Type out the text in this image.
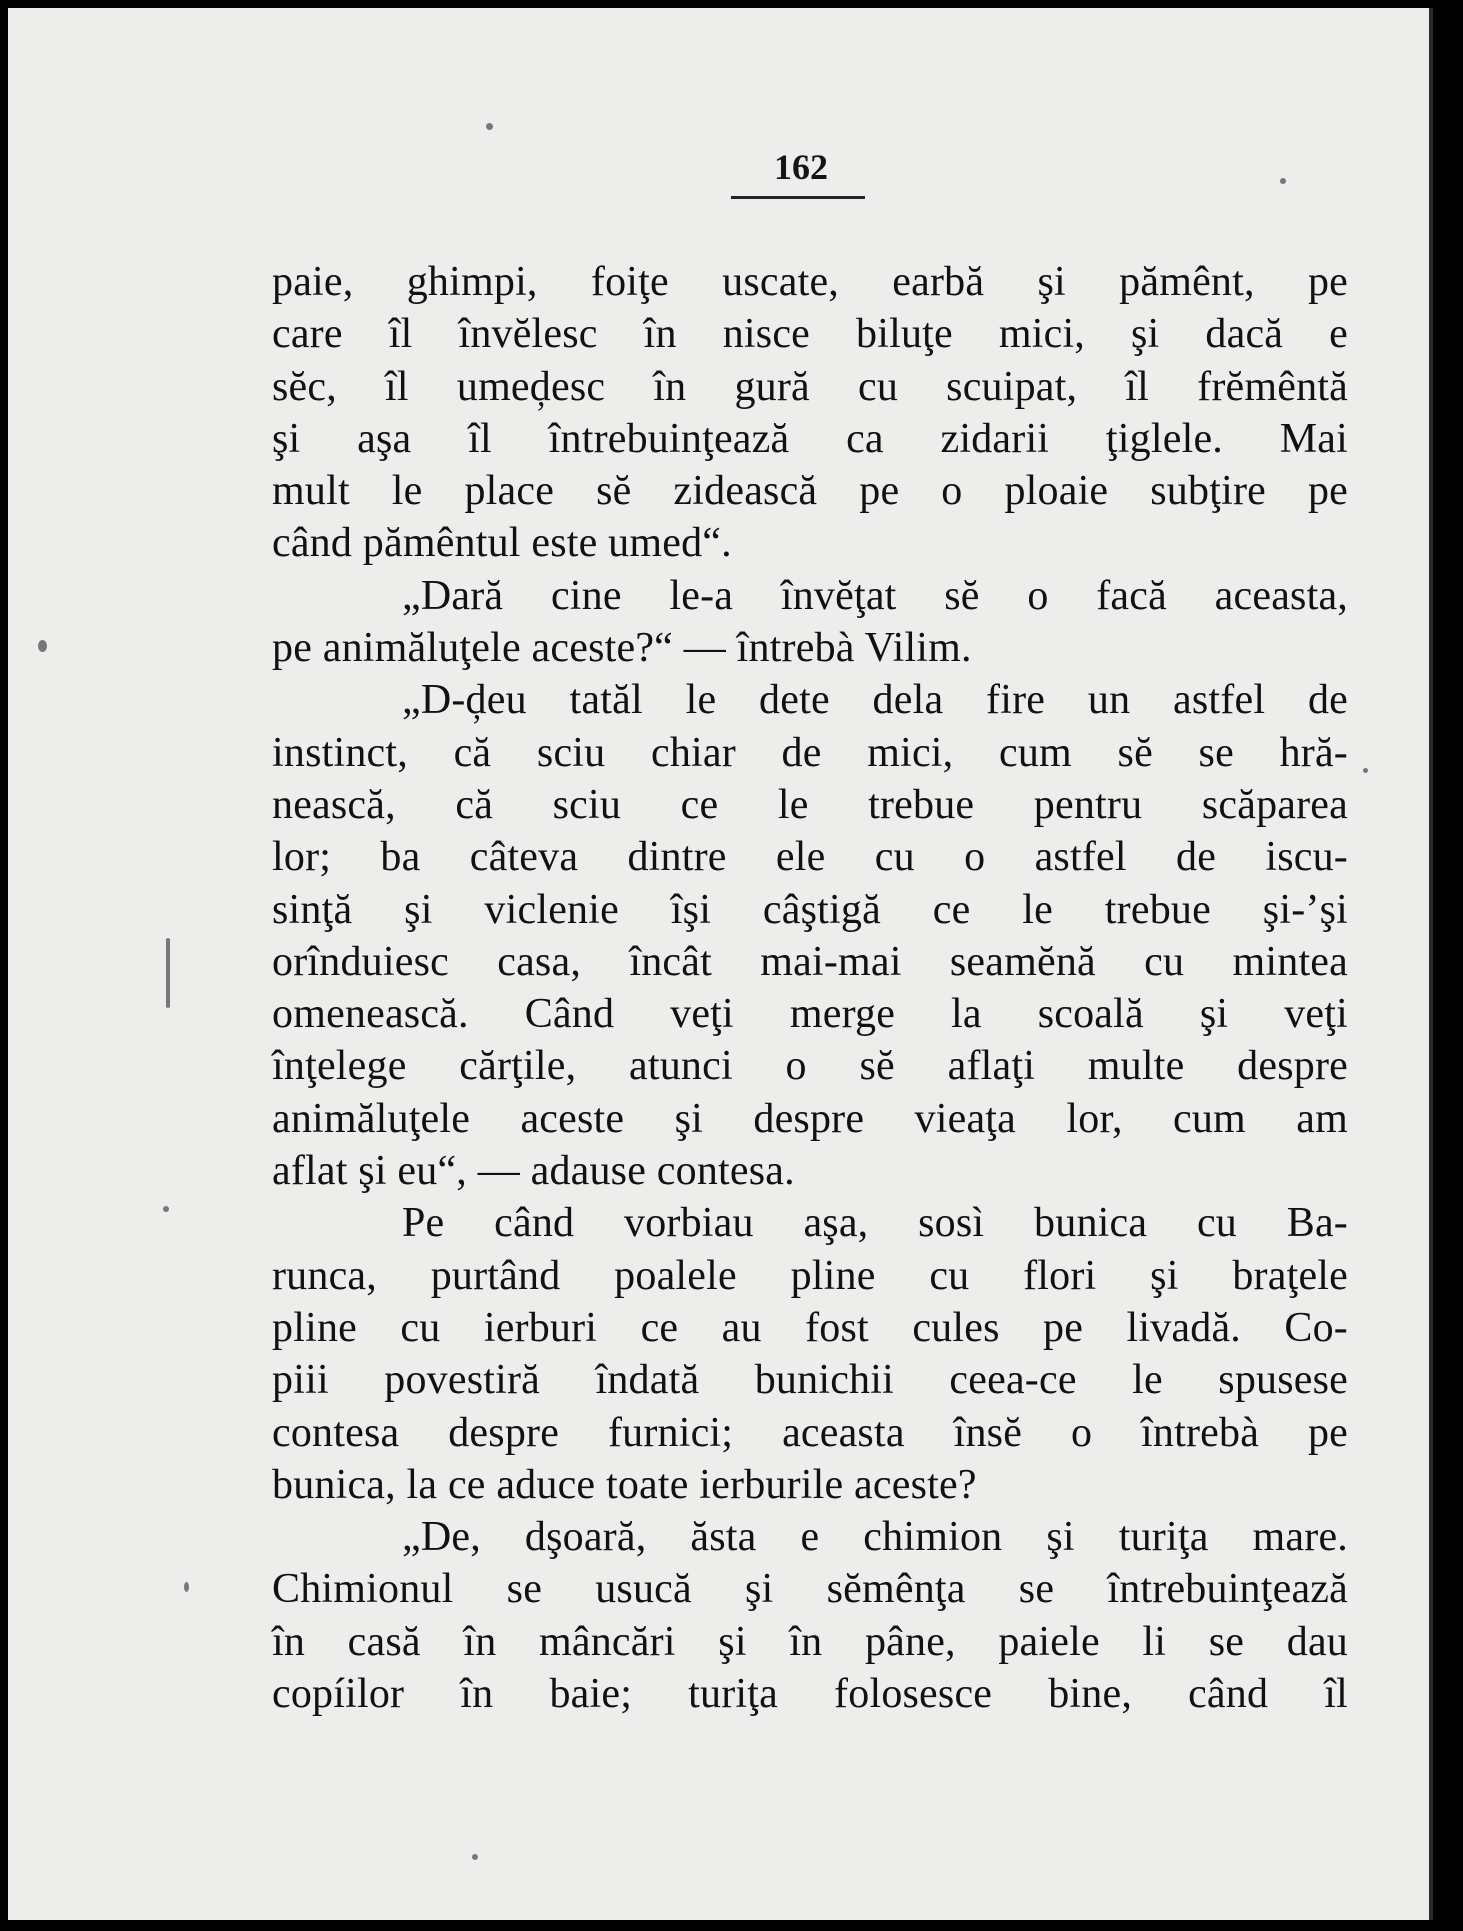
162
paie, ghimpi, foiţe uscate, earbă şi pămênt, pe
care îl învĕlesc în nisce biluţe mici, şi dacă e
sĕc, îl umeḑesc în gură cu scuipat, îl frĕmêntă
şi aşa îl întrebuinţează ca zidarii ţiglele. Mai
mult le place sĕ zidească pe o ploaie subţire pe
când pămêntul este umed“.
„Dară cine le-a învĕţat sĕ o facă aceasta,
pe animăluţele aceste?“ — întrebà Vilim.
„D-ḑeu tatăl le dete dela fire un astfel de
instinct, că sciu chiar de mici, cum sĕ se hră-
nească, că sciu ce le trebue pentru scăparea
lor; ba câteva dintre ele cu o astfel de iscu-
sinţă şi viclenie îşi câştigă ce le trebue şi-’şi
orînduiesc casa, încât mai-mai seamĕnă cu mintea
omenească. Când veţi merge la scoală şi veţi
înţelege cărţile, atunci o sĕ aflaţi multe despre
animăluţele aceste şi despre vieaţa lor, cum am
aflat şi eu“, — adause contesa.
Pe când vorbiau aşa, sosì bunica cu Ba-
runca, purtând poalele pline cu flori şi braţele
pline cu ierburi ce au fost cules pe livadă. Co-
piii povestiră îndată bunichii ceea-ce le spusese
contesa despre furnici; aceasta însĕ o întrebà pe
bunica, la ce aduce toate ierburile aceste?
„De, dşoară, ăsta e chimion şi turiţa mare.
Chimionul se usucă şi sĕmênţa se întrebuinţează
în casă în mâncări şi în pâne, paiele li se dau
copíilor în baie; turiţa folosesce bine, când îl
